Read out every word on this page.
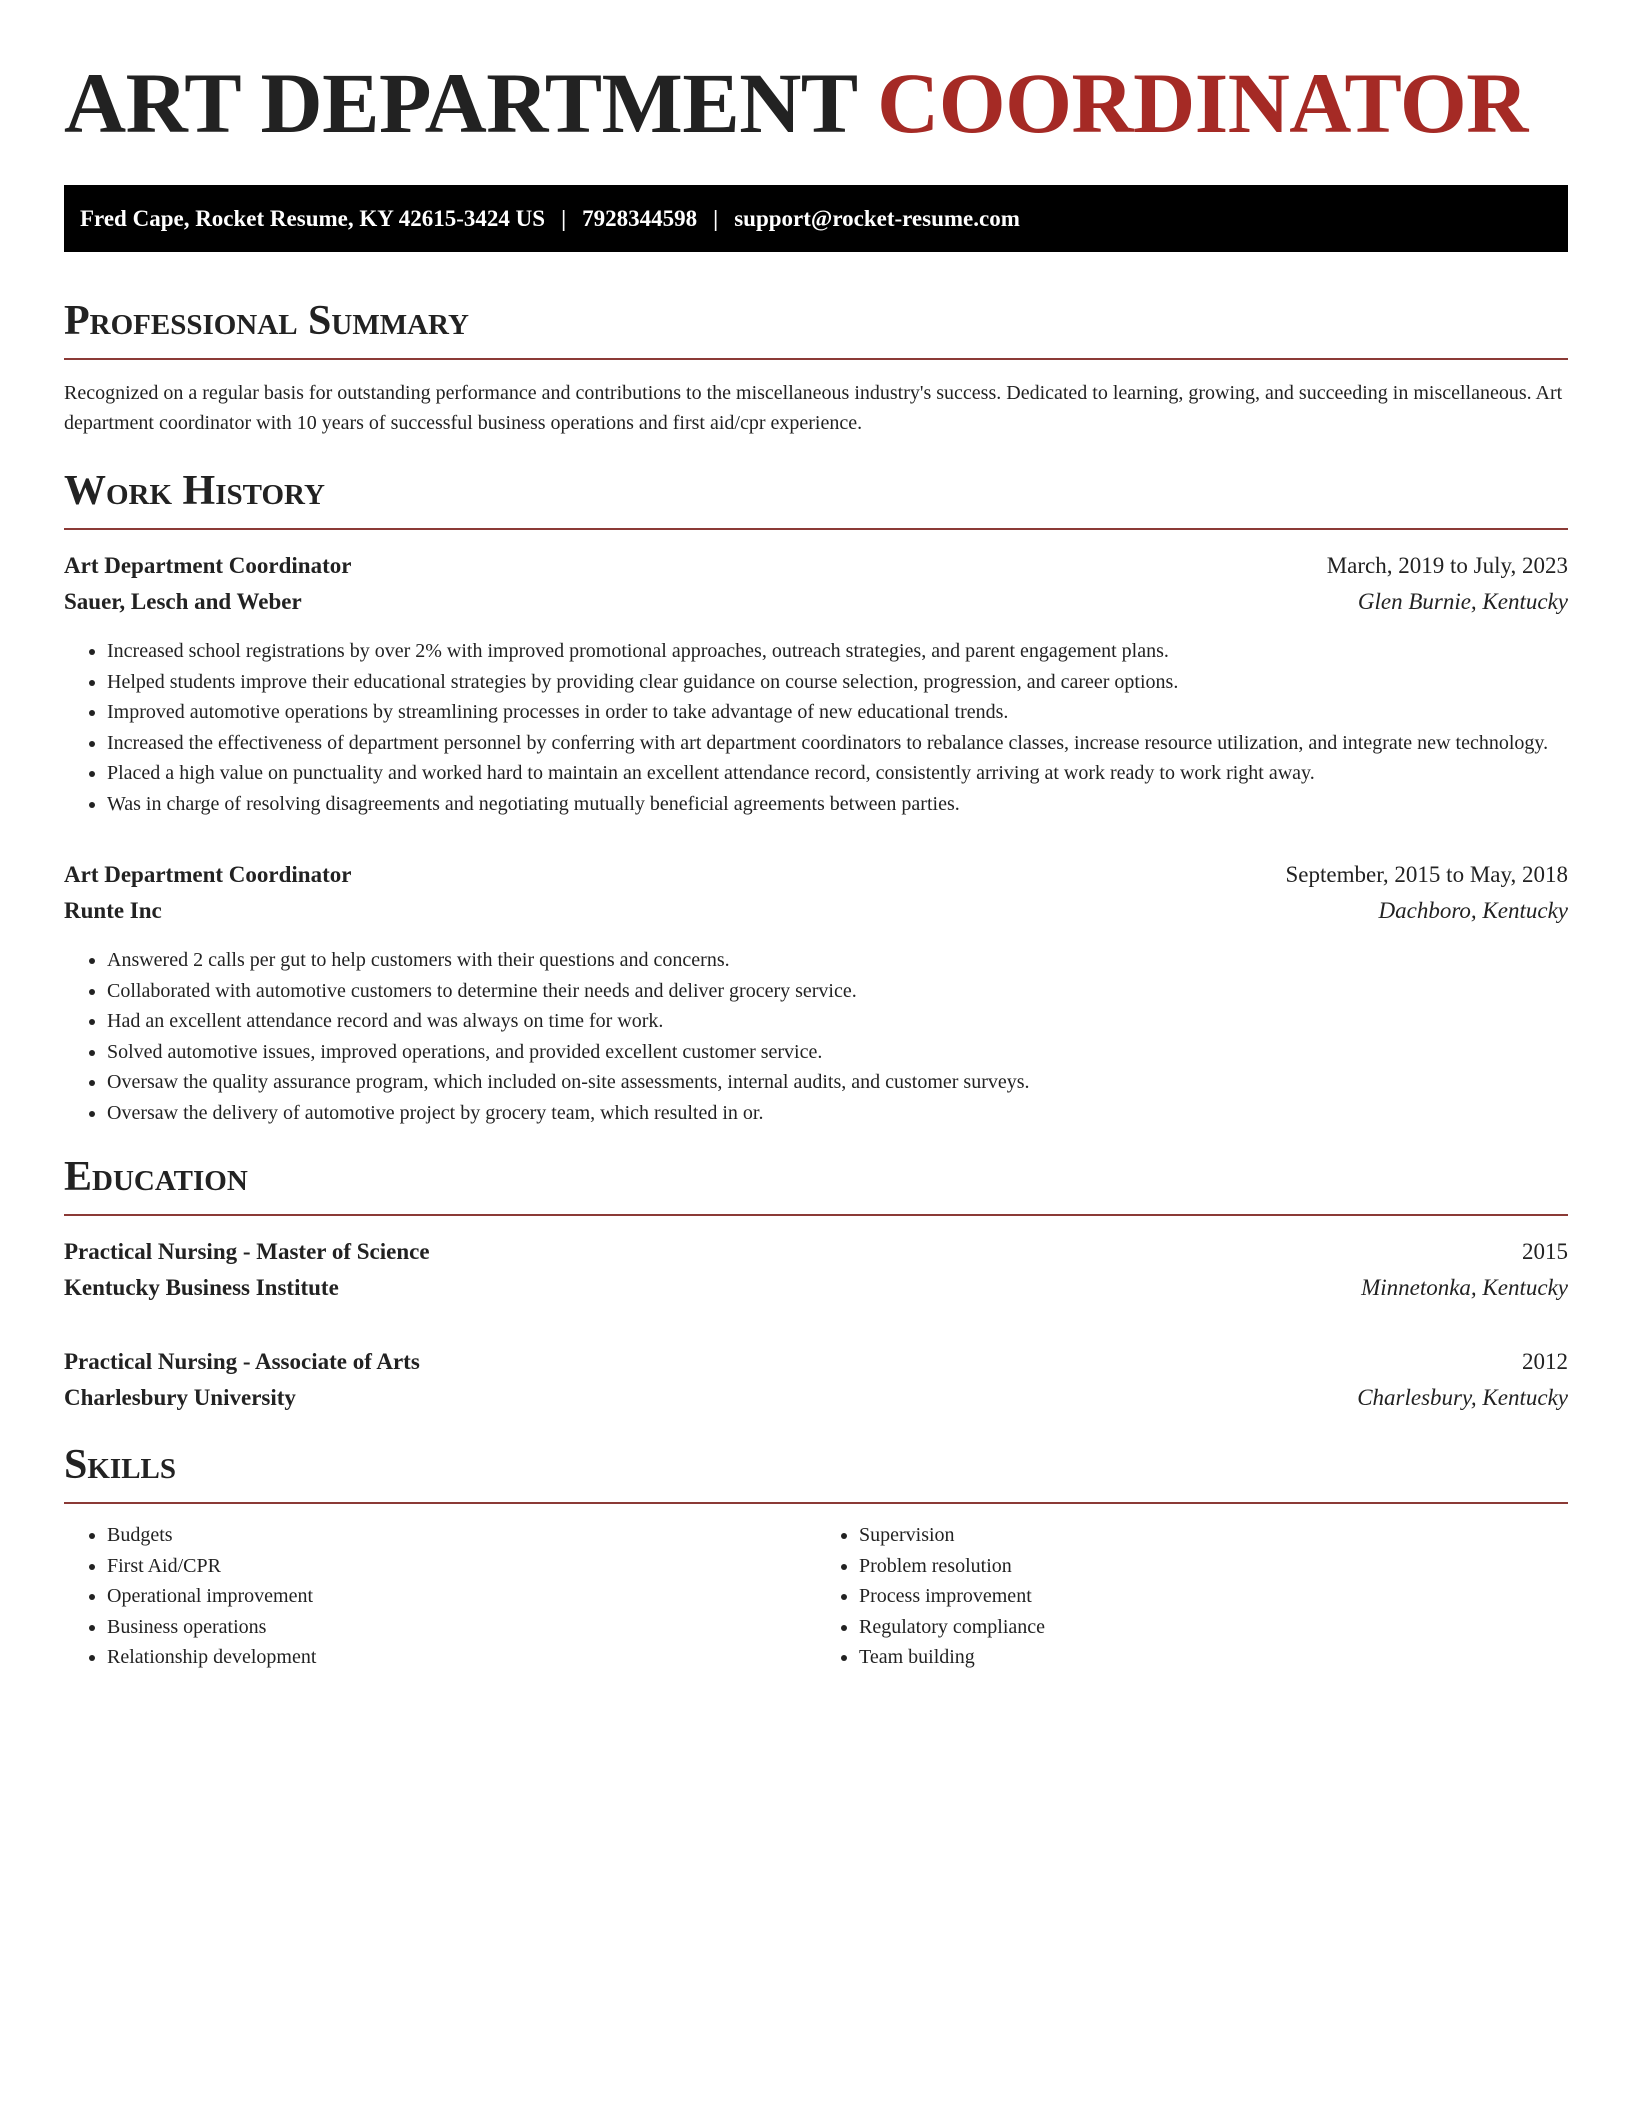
ART DEPARTMENT COORDINATOR
Fred Cape, Rocket Resume, KY 42615-3424 US | 7928344598 | support@rocket-resume.com
Professional Summary

Recognized on a regular basis for outstanding performance and contributions to the miscellaneous industry's success. Dedicated to learning, growing, and succeeding in miscellaneous. Art department coordinator with 10 years of successful business operations and first aid/cpr experience.

Work History
Art Department Coordinator	March, 2019 to July, 2023
Sauer, Lesch and Weber	Glen Burnie, Kentucky
• Increased school registrations by over 2% with improved promotional approaches, outreach strategies, and parent engagement plans.
• Helped students improve their educational strategies by providing clear guidance on course selection, progression, and career options.
• Improved automotive operations by streamlining processes in order to take advantage of new educational trends.
• Increased the effectiveness of department personnel by conferring with art department coordinators to rebalance classes, increase resource utilization, and integrate new technology.
• Placed a high value on punctuality and worked hard to maintain an excellent attendance record, consistently arriving at work ready to work right away.
• Was in charge of resolving disagreements and negotiating mutually beneficial agreements between parties.
Art Department Coordinator	September, 2015 to May, 2018
Runte Inc	Dachboro, Kentucky
• Answered 2 calls per gut to help customers with their questions and concerns.
• Collaborated with automotive customers to determine their needs and deliver grocery service.
• Had an excellent attendance record and was always on time for work.
• Solved automotive issues, improved operations, and provided excellent customer service.
• Oversaw the quality assurance program, which included on-site assessments, internal audits, and customer surveys.
• Oversaw the delivery of automotive project by grocery team, which resulted in or.
Education
Practical Nursing - Master of Science	2015
Kentucky Business Institute	Minnetonka, Kentucky
Practical Nursing - Associate of Arts	2012
Charlesbury University	Charlesbury, Kentucky
Skills
• Budgets
• First Aid/CPR
• Operational improvement
• Business operations
• Relationship development
• Supervision
• Problem resolution
• Process improvement
• Regulatory compliance
• Team building
